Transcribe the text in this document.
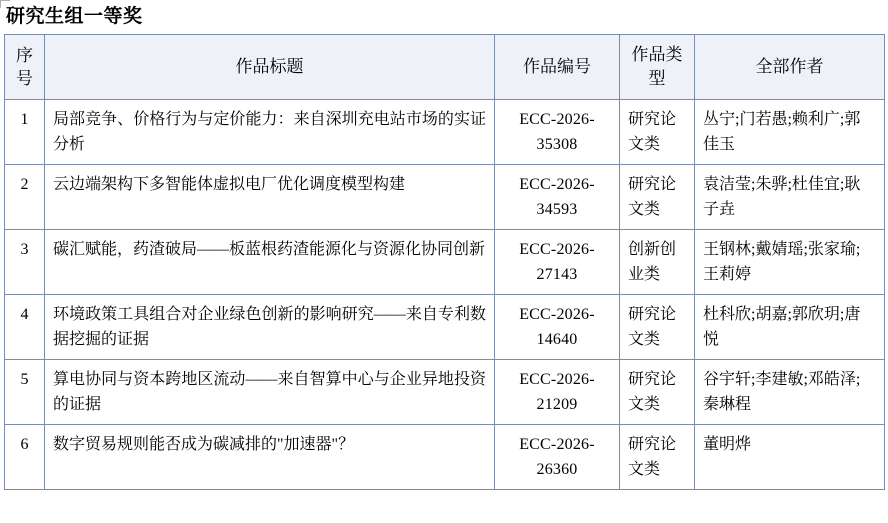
研究生组一等奖
序号	作品标题	作品编号	作品类型	全部作者
1	局部竞争、价格行为与定价能力：来自深圳充电站市场的实证分析	ECC-2026-35308	研究论文类	丛宁;门若愚;赖利广;郭佳玉
2	云边端架构下多智能体虚拟电厂优化调度模型构建	ECC-2026-34593	研究论文类	袁洁莹;朱骅;杜佳宜;耿子垚
3	碳汇赋能，药渣破局——板蓝根药渣能源化与资源化协同创新	ECC-2026-27143	创新创业类	王钢林;戴婧瑶;张家瑜;王莉婷
4	环境政策工具组合对企业绿色创新的影响研究——来自专利数据挖掘的证据	ECC-2026-14640	研究论文类	杜科欣;胡嘉;郭欣玥;唐悦
5	算电协同与资本跨地区流动——来自智算中心与企业异地投资的证据	ECC-2026-21209	研究论文类	谷宇轩;李建敏;邓皓泽;秦琳程
6	数字贸易规则能否成为碳减排的"加速器"？	ECC-2026-26360	研究论文类	董明烨
